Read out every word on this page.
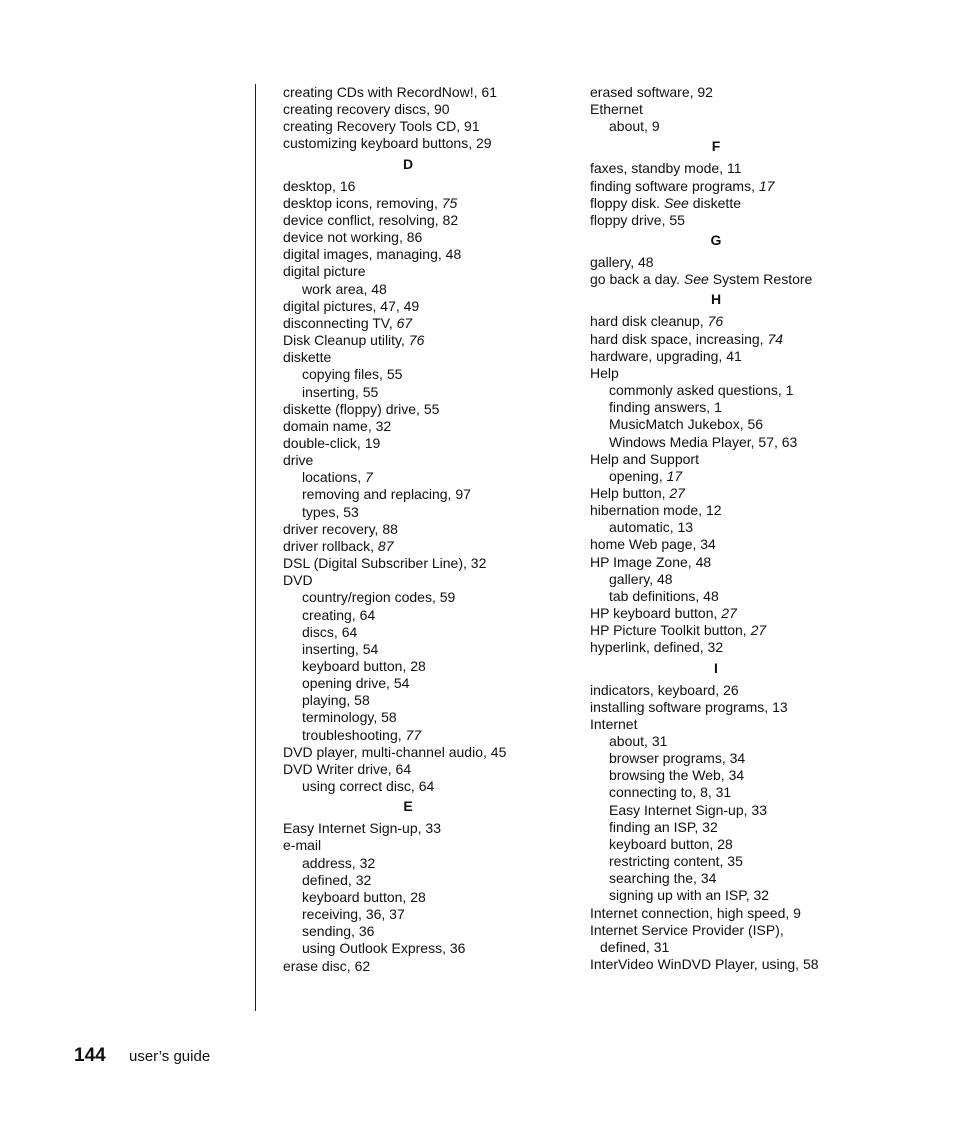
creating CDs with RecordNow!, 61
creating recovery discs, 90
creating Recovery Tools CD, 91
customizing keyboard buttons, 29
D
desktop, 16
desktop icons, removing, 75
device conflict, resolving, 82
device not working, 86
digital images, managing, 48
digital picture
work area, 48
digital pictures, 47, 49
disconnecting TV, 67
Disk Cleanup utility, 76
diskette
copying files, 55
inserting, 55
diskette (floppy) drive, 55
domain name, 32
double-click, 19
drive
locations, 7
removing and replacing, 97
types, 53
driver recovery, 88
driver rollback, 87
DSL (Digital Subscriber Line), 32
DVD
country/region codes, 59
creating, 64
discs, 64
inserting, 54
keyboard button, 28
opening drive, 54
playing, 58
terminology, 58
troubleshooting, 77
DVD player, multi-channel audio, 45
DVD Writer drive, 64
using correct disc, 64
E
Easy Internet Sign-up, 33
e-mail
address, 32
defined, 32
keyboard button, 28
receiving, 36, 37
sending, 36
using Outlook Express, 36
erase disc, 62
erased software, 92
Ethernet
about, 9
F
faxes, standby mode, 11
finding software programs, 17
floppy disk. See diskette
floppy drive, 55
G
gallery, 48
go back a day. See System Restore
H
hard disk cleanup, 76
hard disk space, increasing, 74
hardware, upgrading, 41
Help
commonly asked questions, 1
finding answers, 1
MusicMatch Jukebox, 56
Windows Media Player, 57, 63
Help and Support
opening, 17
Help button, 27
hibernation mode, 12
automatic, 13
home Web page, 34
HP Image Zone, 48
gallery, 48
tab definitions, 48
HP keyboard button, 27
HP Picture Toolkit button, 27
hyperlink, defined, 32
I
indicators, keyboard, 26
installing software programs, 13
Internet
about, 31
browser programs, 34
browsing the Web, 34
connecting to, 8, 31
Easy Internet Sign-up, 33
finding an ISP, 32
keyboard button, 28
restricting content, 35
searching the, 34
signing up with an ISP, 32
Internet connection, high speed, 9
Internet Service Provider (ISP),
defined, 31
InterVideo WinDVD Player, using, 58
144 user’s guide
